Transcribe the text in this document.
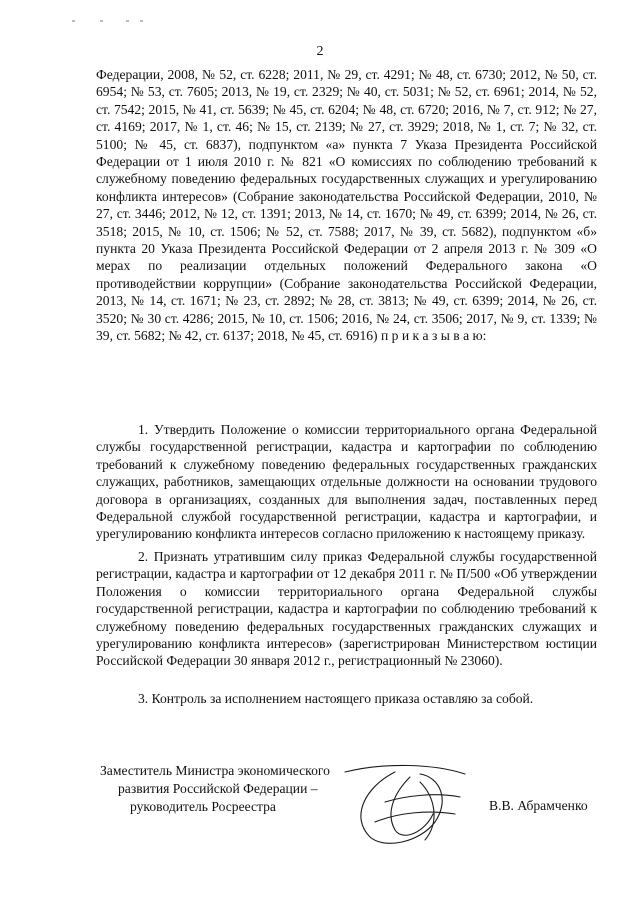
2

Федерации, 2008, № 52, ст. 6228; 2011, № 29, ст. 4291; № 48, ст. 6730; 2012, № 50, ст. 6954; № 53, ст. 7605; 2013, № 19, ст. 2329; № 40, ст. 5031; № 52, ст. 6961; 2014, № 52, ст. 7542; 2015, № 41, ст. 5639; № 45, ст. 6204; № 48, ст. 6720; 2016, № 7, ст. 912; № 27, ст. 4169; 2017, № 1, ст. 46; № 15, ст. 2139; № 27, ст. 3929; 2018, № 1, ст. 7; № 32, ст. 5100; № 45, ст. 6837), подпунктом «а» пункта 7 Указа Президента Российской Федерации от 1 июля 2010 г. № 821 «О комиссиях по соблюдению требований к служебному поведению федеральных государственных служащих и урегулированию конфликта интересов» (Собрание законодательства Российской Федерации, 2010, № 27, ст. 3446; 2012, № 12, ст. 1391; 2013, № 14, ст. 1670; № 49, ст. 6399; 2014, № 26, ст. 3518; 2015, № 10, ст. 1506; № 52, ст. 7588; 2017, № 39, ст. 5682), подпунктом «б» пункта 20 Указа Президента Российской Федерации от 2 апреля 2013 г. № 309 «О мерах по реализации отдельных положений Федерального закона «О противодействии коррупции» (Собрание законодательства Российской Федерации, 2013, № 14, ст. 1671; № 23, ст. 2892; № 28, ст. 3813; № 49, ст. 6399; 2014, № 26, ст. 3520; № 30 ст. 4286; 2015, № 10, ст. 1506; 2016, № 24, ст. 3506; 2017, № 9, ст. 1339; № 39, ст. 5682; № 42, ст. 6137; 2018, № 45, ст. 6916) п р и к а з ы в а ю:

1. Утвердить Положение о комиссии территориального органа Федеральной службы государственной регистрации, кадастра и картографии по соблюдению требований к служебному поведению федеральных государственных гражданских служащих, работников, замещающих отдельные должности на основании трудового договора в организациях, созданных для выполнения задач, поставленных перед Федеральной службой государственной регистрации, кадастра и картографии, и урегулированию конфликта интересов согласно приложению к настоящему приказу.

2. Признать утратившим силу приказ Федеральной службы государственной регистрации, кадастра и картографии от 12 декабря 2011 г. № П/500 «Об утверждении Положения о комиссии территориального органа Федеральной службы государственной регистрации, кадастра и картографии по соблюдению требований к служебному поведению федеральных государственных гражданских служащих и урегулированию конфликта интересов» (зарегистрирован Министерством юстиции Российской Федерации 30 января 2012 г., регистрационный № 23060).

3. Контроль за исполнением настоящего приказа оставляю за собой.

Заместитель Министра экономического
развития Российской Федерации –
руководитель Росреестра	В.В. Абрамченко
